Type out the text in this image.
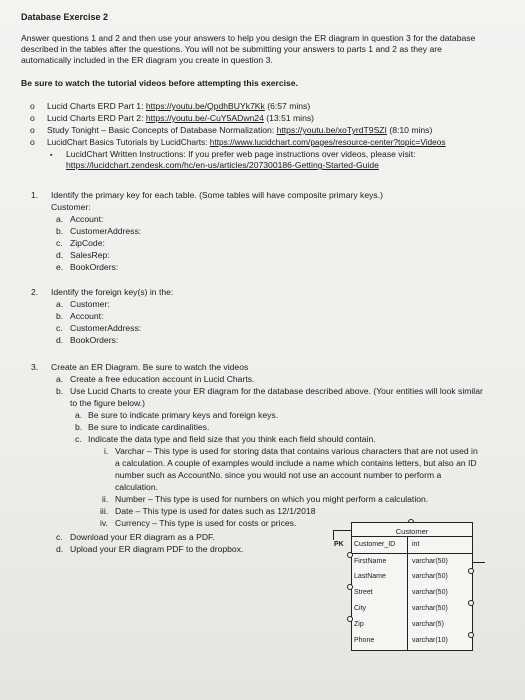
Database Exercise 2
Answer questions 1 and 2 and then use your answers to help you design the ER diagram in question 3 for the database
described in the tables after the questions. You will not be submitting your answers to parts 1 and 2 as they are
automatically included in the ER diagram you create in question 3.
Be sure to watch the tutorial videos before attempting this exercise.
o Lucid Charts ERD Part 1: https://youtu.be/QpdhBUYk7Kk (6:57 mins)
o Lucid Charts ERD Part 2: https://youtu.be/-CuY5ADwn24 (13:51 mins)
o Study Tonight – Basic Concepts of Database Normalization: https://youtu.be/xoTyrdT9SZI (8:10 mins)
o LucidChart Basics Tutorials by LucidCharts: https://www.lucidchart.com/pages/resource-center?topic=Videos
▪ LucidChart Written Instructions: If you prefer web page instructions over videos, please visit:
https://lucidchart.zendesk.com/hc/en-us/articles/207300186-Getting-Started-Guide
1. Identify the primary key for each table. (Some tables will have composite primary keys.)
Customer:
a. Account:
b. CustomerAddress:
c. ZipCode:
d. SalesRep:
e. BookOrders:
2. Identify the foreign key(s) in the:
a. Customer:
b. Account:
c. CustomerAddress:
d. BookOrders:
3. Create an ER Diagram. Be sure to watch the videos
a. Create a free education account in Lucid Charts.
b. Use Lucid Charts to create your ER diagram for the database described above. (Your entities will look similar
to the figure below.)
a. Be sure to indicate primary keys and foreign keys.
b. Be sure to indicate cardinalities.
c. Indicate the data type and field size that you think each field should contain.
i. Varchar – This type is used for storing data that contains various characters that are not used in
a calculation. A couple of examples would include a name which contains letters, but also an ID
number such as AccountNo. since you would not use an account number to perform a
calculation.
ii. Number – This type is used for numbers on which you might perform a calculation.
iii. Date – This type is used for dates such as 12/1/2018
iv. Currency – This type is used for costs or prices.
c. Download your ER diagram as a PDF.
d. Upload your ER diagram PDF to the dropbox.
Customer
PK Customer_ID int
FirstName	varchar(50)
LastName	varchar(50)
Street	varchar(50)
City	varchar(50)
Zip	varchar(5)
Phone	varchar(10)
